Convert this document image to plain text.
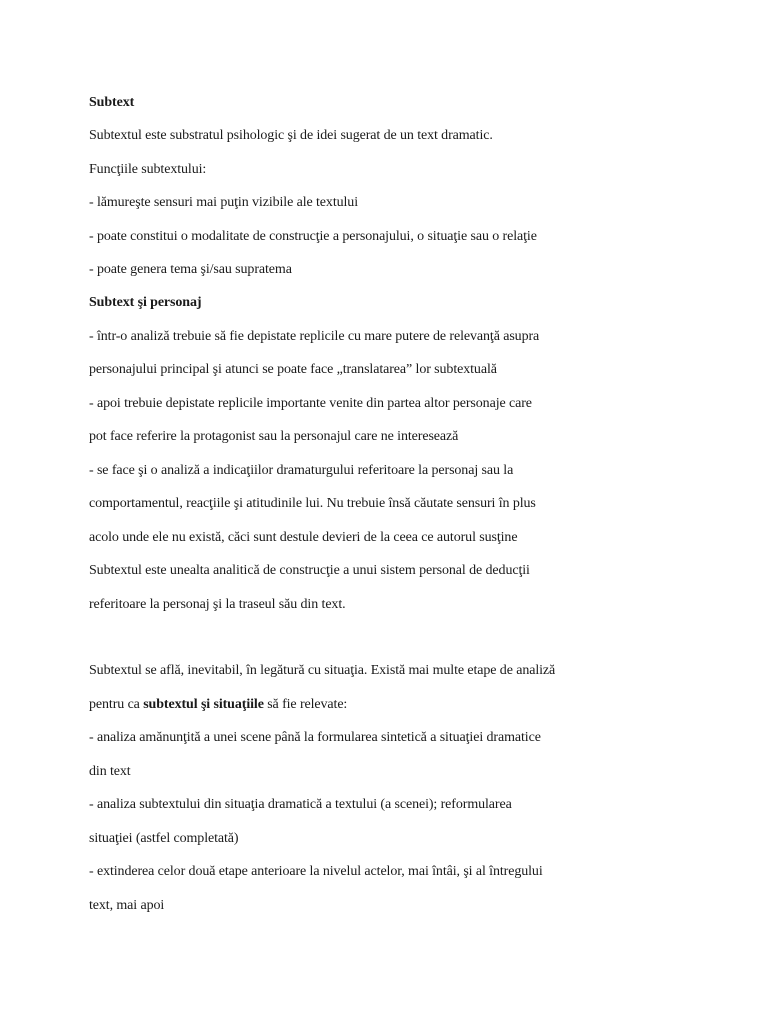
Subtext
Subtextul este substratul psihologic şi de idei sugerat de un text dramatic.
Funcţiile subtextului:
- lămureşte sensuri mai puţin vizibile ale textului
- poate constitui o modalitate de construcţie a personajului, o situaţie sau o relaţie
- poate genera tema şi/sau supratema
Subtext şi personaj
- într-o analiză trebuie să fie depistate replicile cu mare putere de relevanţă asupra
personajului principal şi atunci se poate face „translatarea” lor subtextuală
- apoi trebuie depistate replicile importante venite din partea altor personaje care
pot face referire la protagonist sau la personajul care ne interesează
- se face şi o analiză a indicaţiilor dramaturgului referitoare la personaj sau la
comportamentul, reacţiile şi atitudinile lui. Nu trebuie însă căutate sensuri în plus
acolo unde ele nu există, căci sunt destule devieri de la ceea ce autorul susţine
Subtextul este unealta analitică de construcţie a unui sistem personal de deducţii
referitoare la personaj şi la traseul său din text.
Subtextul se află, inevitabil, în legătură cu situaţia. Există mai multe etape de analiză
pentru ca subtextul şi situaţiile să fie relevate:
- analiza amănunţită a unei scene până la formularea sintetică a situaţiei dramatice
din text
- analiza subtextului din situaţia dramatică a textului (a scenei); reformularea
situaţiei (astfel completată)
- extinderea celor două etape anterioare la nivelul actelor, mai întâi, şi al întregului
text, mai apoi
